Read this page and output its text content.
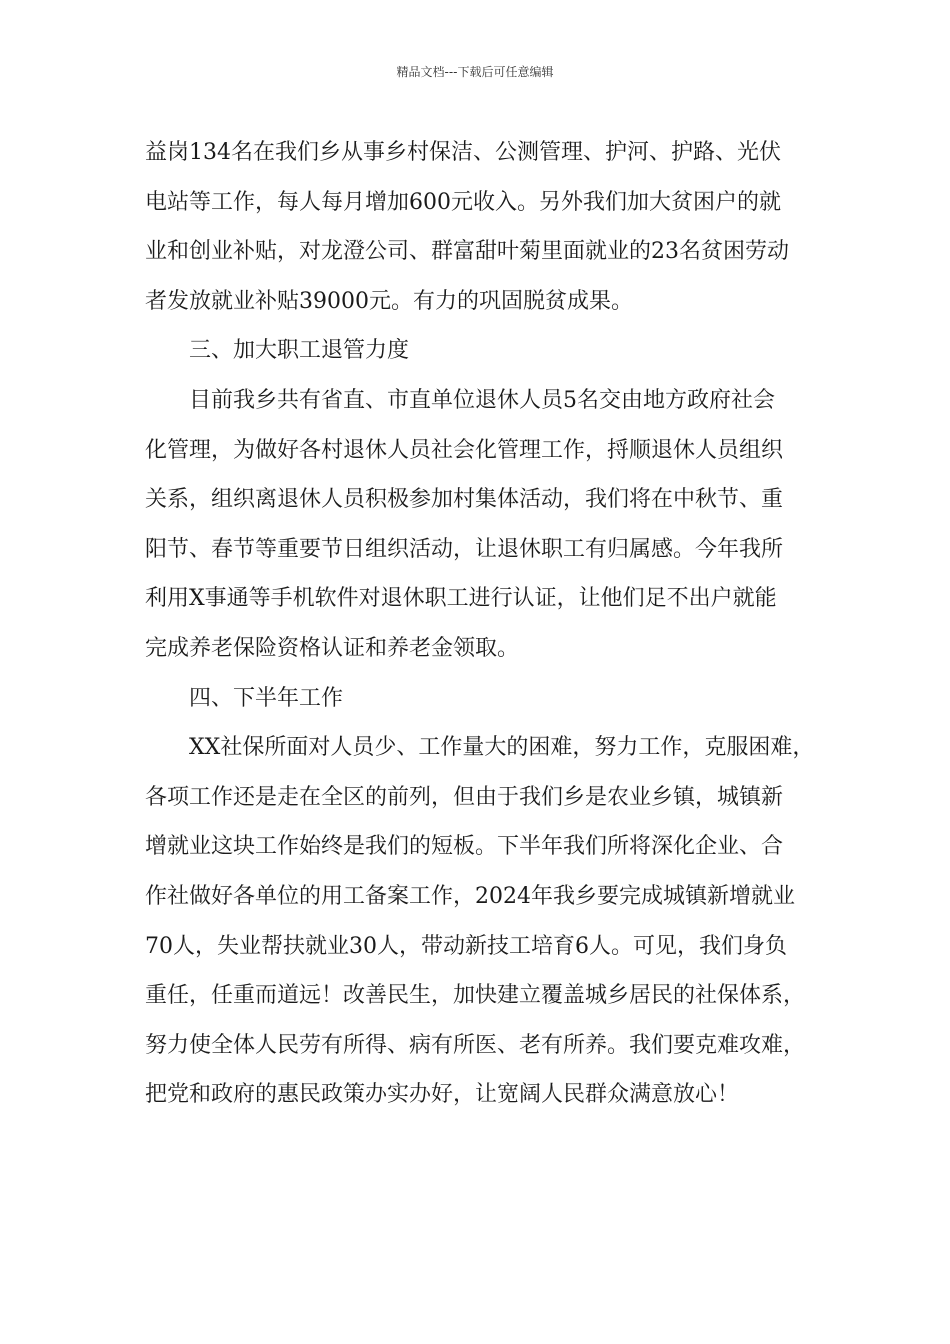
精品文档---下载后可任意编辑
益岗134名在我们乡从事乡村保洁、公测管理、护河、护路、光伏
电站等工作，每人每月增加600元收入。另外我们加大贫困户的就
业和创业补贴，对龙澄公司、群富甜叶菊里面就业的23名贫困劳动
者发放就业补贴39000元。有力的巩固脱贫成果。
三、加大职工退管力度
目前我乡共有省直、市直单位退休人员5名交由地方政府社会
化管理，为做好各村退休人员社会化管理工作，捋顺退休人员组织
关系，组织离退休人员积极参加村集体活动，我们将在中秋节、重
阳节、春节等重要节日组织活动，让退休职工有归属感。今年我所
利用X事通等手机软件对退休职工进行认证，让他们足不出户就能
完成养老保险资格认证和养老金领取。
四、下半年工作
XX社保所面对人员少、工作量大的困难，努力工作，克服困难，
各项工作还是走在全区的前列，但由于我们乡是农业乡镇，城镇新
增就业这块工作始终是我们的短板。下半年我们所将深化企业、合
作社做好各单位的用工备案工作，2024年我乡要完成城镇新增就业
70人，失业帮扶就业30人，带动新技工培育6人。可见，我们身负
重任，任重而道远！改善民生，加快建立覆盖城乡居民的社保体系，
努力使全体人民劳有所得、病有所医、老有所养。我们要克难攻难，
把党和政府的惠民政策办实办好，让宽阔人民群众满意放心！
